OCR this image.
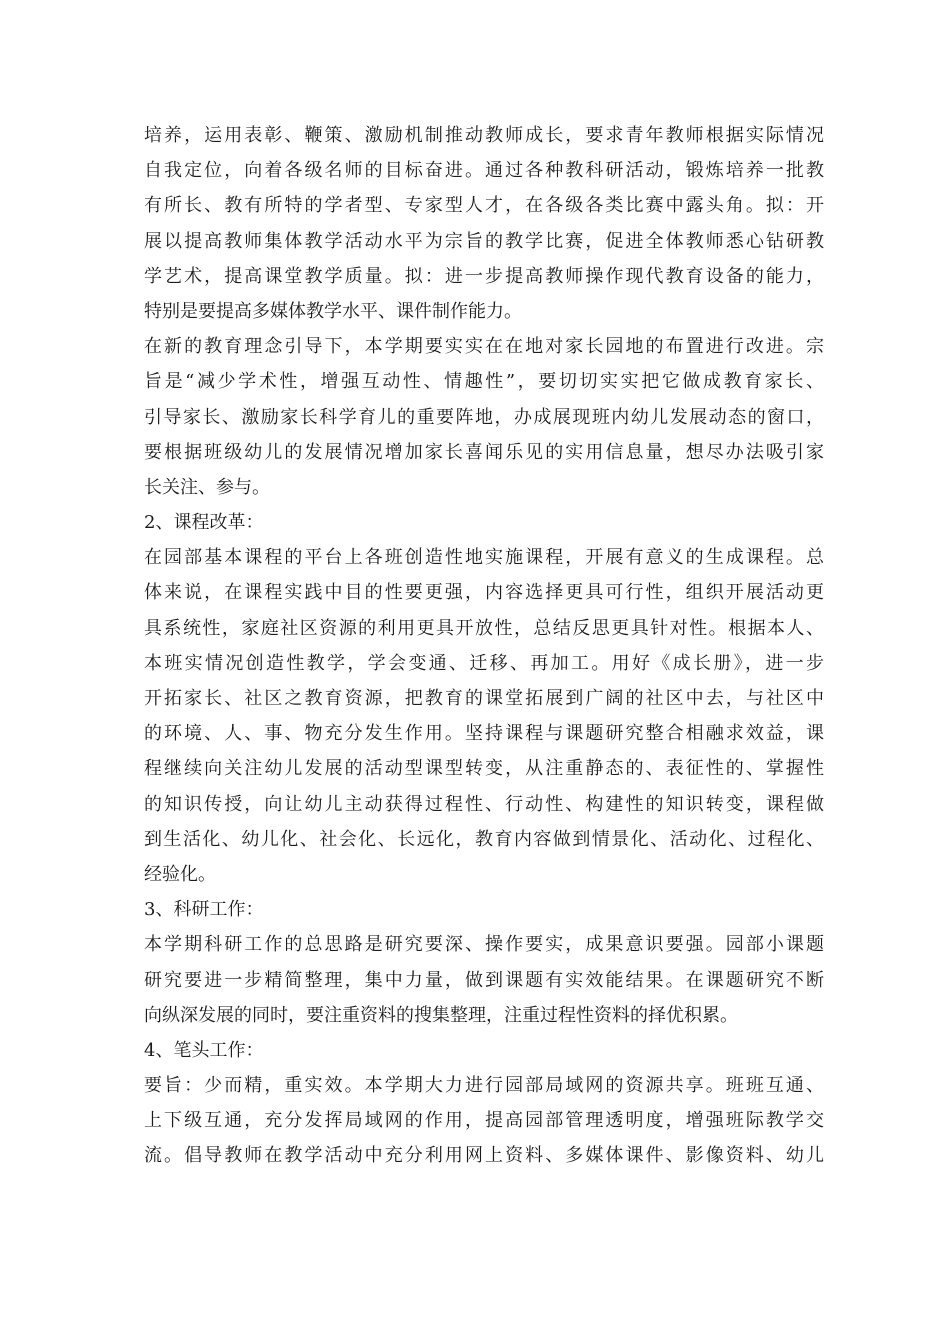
培养，运用表彰、鞭策、激励机制推动教师成长，要求青年教师根据实际情况
自我定位，向着各级名师的目标奋进。通过各种教科研活动，锻炼培养一批教
有所长、教有所特的学者型、专家型人才，在各级各类比赛中露头角。拟：开
展以提高教师集体教学活动水平为宗旨的教学比赛，促进全体教师悉心钻研教
学艺术，提高课堂教学质量。拟：进一步提高教师操作现代教育设备的能力，
特别是要提高多媒体教学水平、课件制作能力。
在新的教育理念引导下，本学期要实实在在地对家长园地的布置进行改进。宗
旨是“减少学术性，增强互动性、情趣性”，要切切实实把它做成教育家长、
引导家长、激励家长科学育儿的重要阵地，办成展现班内幼儿发展动态的窗口，
要根据班级幼儿的发展情况增加家长喜闻乐见的实用信息量，想尽办法吸引家
长关注、参与。
2、课程改革：
在园部基本课程的平台上各班创造性地实施课程，开展有意义的生成课程。总
体来说，在课程实践中目的性要更强，内容选择更具可行性，组织开展活动更
具系统性，家庭社区资源的利用更具开放性，总结反思更具针对性。根据本人、
本班实情况创造性教学，学会变通、迁移、再加工。用好《成长册》，进一步
开拓家长、社区之教育资源，把教育的课堂拓展到广阔的社区中去，与社区中
的环境、人、事、物充分发生作用。坚持课程与课题研究整合相融求效益，课
程继续向关注幼儿发展的活动型课型转变，从注重静态的、表征性的、掌握性
的知识传授，向让幼儿主动获得过程性、行动性、构建性的知识转变，课程做
到生活化、幼儿化、社会化、长远化，教育内容做到情景化、活动化、过程化、
经验化。
3、科研工作：
本学期科研工作的总思路是研究要深、操作要实，成果意识要强。园部小课题
研究要进一步精简整理，集中力量，做到课题有实效能结果。在课题研究不断
向纵深发展的同时，要注重资料的搜集整理，注重过程性资料的择优积累。
4、笔头工作：
要旨：少而精，重实效。本学期大力进行园部局域网的资源共享。班班互通、
上下级互通，充分发挥局域网的作用，提高园部管理透明度，增强班际教学交
流。倡导教师在教学活动中充分利用网上资料、多媒体课件、影像资料、幼儿
